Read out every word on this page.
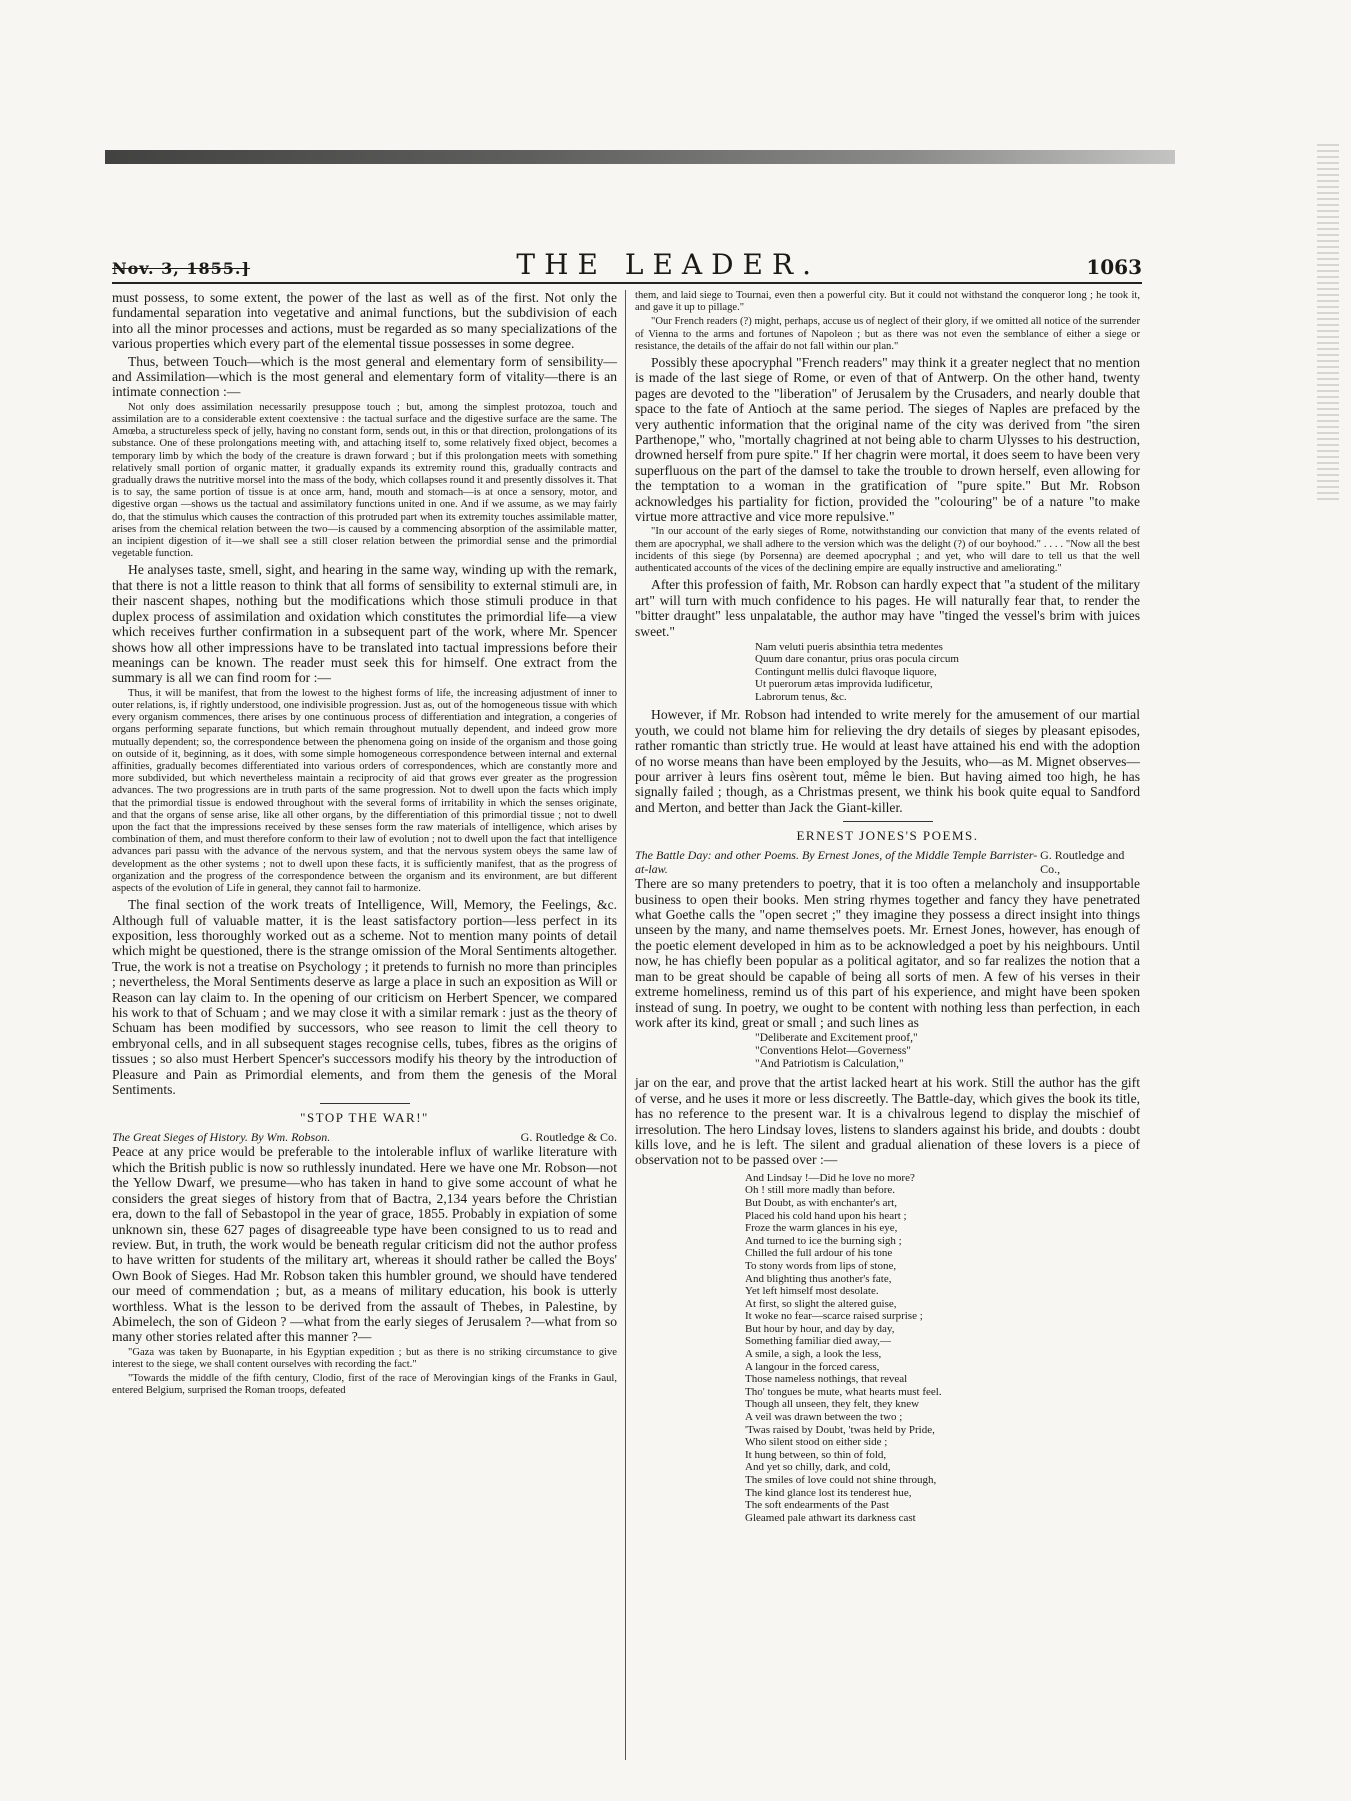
Nov. 3, 1855.]	THE LEADER.	1063

must possess, to some extent, the power of the last as well as of the first. Not only the fundamental separation into vegetative and animal functions, but the subdivision of each into all the minor processes and actions, must be regarded as so many specializations of the various properties which every part of the elemental tissue possesses in some degree.

Thus, between Touch—which is the most general and elementary form of sensibility—and Assimilation—which is the most general and elementary form of vitality—there is an intimate connection :—

Not only does assimilation necessarily presuppose touch ; but, among the simplest protozoa, touch and assimilation are to a considerable extent coextensive : the tactual surface and the digestive surface are the same. The Amœba, a structureless speck of jelly, having no constant form, sends out, in this or that direction, prolongations of its substance. One of these prolongations meeting with, and attaching itself to, some relatively fixed object, becomes a temporary limb by which the body of the creature is drawn forward ; but if this prolongation meets with something relatively small portion of organic matter, it gradually expands its extremity round this, gradually contracts and gradually draws the nutritive morsel into the mass of the body, which collapses round it and presently dissolves it. That is to say, the same portion of tissue is at once arm, hand, mouth and stomach—is at once a sensory, motor, and digestive organ —shows us the tactual and assimilatory functions united in one. And if we assume, as we may fairly do, that the stimulus which causes the contraction of this protruded part when its extremity touches assimilable matter, arises from the chemical relation between the two—is caused by a commencing absorption of the assimilable matter, an incipient digestion of it—we shall see a still closer relation between the primordial sense and the primordial vegetable function.

He analyses taste, smell, sight, and hearing in the same way, winding up with the remark, that there is not a little reason to think that all forms of sensibility to external stimuli are, in their nascent shapes, nothing but the modifications which those stimuli produce in that duplex process of assimilation and oxidation which constitutes the primordial life—a view which receives further confirmation in a subsequent part of the work, where Mr. Spencer shows how all other impressions have to be translated into tactual impressions before their meanings can be known. The reader must seek this for himself. One extract from the summary is all we can find room for :—

Thus, it will be manifest, that from the lowest to the highest forms of life, the increasing adjustment of inner to outer relations, is, if rightly understood, one indivisible progression. Just as, out of the homogeneous tissue with which every organism commences, there arises by one continuous process of differentiation and integration, a congeries of organs performing separate functions, but which remain throughout mutually dependent, and indeed grow more mutually dependent; so, the correspondence between the phenomena going on inside of the organism and those going on outside of it, beginning, as it does, with some simple homogeneous correspondence between internal and external affinities, gradually becomes differentiated into various orders of correspondences, which are constantly more and more subdivided, but which nevertheless maintain a reciprocity of aid that grows ever greater as the progression advances. The two progressions are in truth parts of the same progression. Not to dwell upon the facts which imply that the primordial tissue is endowed throughout with the several forms of irritability in which the senses originate, and that the organs of sense arise, like all other organs, by the differentiation of this primordial tissue ; not to dwell upon the fact that the impressions received by these senses form the raw materials of intelligence, which arises by combination of them, and must therefore conform to their law of evolution ; not to dwell upon the fact that intelligence advances pari passu with the advance of the nervous system, and that the nervous system obeys the same law of development as the other systems ; not to dwell upon these facts, it is sufficiently manifest, that as the progress of organization and the progress of the correspondence between the organism and its environment, are but different aspects of the evolution of Life in general, they cannot fail to harmonize.

The final section of the work treats of Intelligence, Will, Memory, the Feelings, &c. Although full of valuable matter, it is the least satisfactory portion—less perfect in its exposition, less thoroughly worked out as a scheme. Not to mention many points of detail which might be questioned, there is the strange omission of the Moral Sentiments altogether. True, the work is not a treatise on Psychology ; it pretends to furnish no more than principles ; nevertheless, the Moral Sentiments deserve as large a place in such an exposition as Will or Reason can lay claim to. In the opening of our criticism on Herbert Spencer, we compared his work to that of Schuam ; and we may close it with a similar remark : just as the theory of Schuam has been modified by successors, who see reason to limit the cell theory to embryonal cells, and in all subsequent stages recognise cells, tubes, fibres as the origins of tissues ; so also must Herbert Spencer's successors modify his theory by the introduction of Pleasure and Pain as Primordial elements, and from them the genesis of the Moral Sentiments.

"STOP THE WAR!"
The Great Sieges of History. By Wm. Robson.	G. Routledge & Co.

Peace at any price would be preferable to the intolerable influx of warlike literature with which the British public is now so ruthlessly inundated. Here we have one Mr. Robson—not the Yellow Dwarf, we presume—who has taken in hand to give some account of what he considers the great sieges of history from that of Bactra, 2,134 years before the Christian era, down to the fall of Sebastopol in the year of grace, 1855. Probably in expiation of some unknown sin, these 627 pages of disagreeable type have been consigned to us to read and review. But, in truth, the work would be beneath regular criticism did not the author profess to have written for students of the military art, whereas it should rather be called the Boys' Own Book of Sieges. Had Mr. Robson taken this humbler ground, we should have tendered our meed of commendation ; but, as a means of military education, his book is utterly worthless. What is the lesson to be derived from the assault of Thebes, in Palestine, by Abimelech, the son of Gideon ? —what from the early sieges of Jerusalem ?—what from so many other stories related after this manner ?—

"Gaza was taken by Buonaparte, in his Egyptian expedition ; but as there is no striking circumstance to give interest to the siege, we shall content ourselves with recording the fact."

"Towards the middle of the fifth century, Clodio, first of the race of Merovingian kings of the Franks in Gaul, entered Belgium, surprised the Roman troops, defeated

them, and laid siege to Tournai, even then a powerful city. But it could not withstand the conqueror long ; he took it, and gave it up to pillage."

"Our French readers (?) might, perhaps, accuse us of neglect of their glory, if we omitted all notice of the surrender of Vienna to the arms and fortunes of Napoleon ; but as there was not even the semblance of either a siege or resistance, the details of the affair do not fall within our plan."

Possibly these apocryphal "French readers" may think it a greater neglect that no mention is made of the last siege of Rome, or even of that of Antwerp. On the other hand, twenty pages are devoted to the "liberation" of Jerusalem by the Crusaders, and nearly double that space to the fate of Antioch at the same period. The sieges of Naples are prefaced by the very authentic information that the original name of the city was derived from "the siren Parthenope," who, "mortally chagrined at not being able to charm Ulysses to his destruction, drowned herself from pure spite." If her chagrin were mortal, it does seem to have been very superfluous on the part of the damsel to take the trouble to drown herself, even allowing for the temptation to a woman in the gratification of "pure spite." But Mr. Robson acknowledges his partiality for fiction, provided the "colouring" be of a nature "to make virtue more attractive and vice more repulsive."

"In our account of the early sieges of Rome, notwithstanding our conviction that many of the events related of them are apocryphal, we shall adhere to the version which was the delight (?) of our boyhood." . . . . "Now all the best incidents of this siege (by Porsenna) are deemed apocryphal ; and yet, who will dare to tell us that the well authenticated accounts of the vices of the declining empire are equally instructive and ameliorating."

After this profession of faith, Mr. Robson can hardly expect that "a student of the military art" will turn with much confidence to his pages. He will naturally fear that, to render the "bitter draught" less unpalatable, the author may have "tinged the vessel's brim with juices sweet."

Nam veluti pueris absinthia tetra medentes
Quum dare conantur, prius oras pocula circum
Contingunt mellis dulci flavoque liquore,
Ut puerorum ætas improvida ludificetur,
Labrorum tenus, &c.

However, if Mr. Robson had intended to write merely for the amusement of our martial youth, we could not blame him for relieving the dry details of sieges by pleasant episodes, rather romantic than strictly true. He would at least have attained his end with the adoption of no worse means than have been employed by the Jesuits, who—as M. Mignet observes—pour arriver à leurs fins osèrent tout, même le bien. But having aimed too high, he has signally failed ; though, as a Christmas present, we think his book quite equal to Sandford and Merton, and better than Jack the Giant-killer.

ERNEST JONES'S POEMS.
The Battle Day: and other Poems. By Ernest Jones, of the Middle Temple Barrister-at-law.
G. Routledge and Co.,

There are so many pretenders to poetry, that it is too often a melancholy and insupportable business to open their books. Men string rhymes together and fancy they have penetrated what Goethe calls the "open secret ;" they imagine they possess a direct insight into things unseen by the many, and name themselves poets. Mr. Ernest Jones, however, has enough of the poetic element developed in him as to be acknowledged a poet by his neighbours. Until now, he has chiefly been popular as a political agitator, and so far realizes the notion that a man to be great should be capable of being all sorts of men. A few of his verses in their extreme homeliness, remind us of this part of his experience, and might have been spoken instead of sung. In poetry, we ought to be content with nothing less than perfection, in each work after its kind, great or small ; and such lines as

"Deliberate and Excitement proof,"
"Conventions Helot—Governess"
"And Patriotism is Calculation,"

jar on the ear, and prove that the artist lacked heart at his work. Still the author has the gift of verse, and he uses it more or less discreetly. The Battle-day, which gives the book its title, has no reference to the present war. It is a chivalrous legend to display the mischief of irresolution. The hero Lindsay loves, listens to slanders against his bride, and doubts : doubt kills love, and he is left. The silent and gradual alienation of these lovers is a piece of observation not to be passed over :—

And Lindsay !—Did he love no more?
Oh ! still more madly than before.
But Doubt, as with enchanter's art,
Placed his cold hand upon his heart ;
Froze the warm glances in his eye,
And turned to ice the burning sigh ;
Chilled the full ardour of his tone
To stony words from lips of stone,
And blighting thus another's fate,
Yet left himself most desolate.
At first, so slight the altered guise,
It woke no fear—scarce raised surprise ;
But hour by hour, and day by day,
Something familiar died away,—
A smile, a sigh, a look the less,
A langour in the forced caress,
Those nameless nothings, that reveal
Tho' tongues be mute, what hearts must feel.
Though all unseen, they felt, they knew
A veil was drawn between the two ;
'Twas raised by Doubt, 'twas held by Pride,
Who silent stood on either side ;
It hung between, so thin of fold,
And yet so chilly, dark, and cold,
The smiles of love could not shine through,
The kind glance lost its tenderest hue,
The soft endearments of the Past
Gleamed pale athwart its darkness cast
